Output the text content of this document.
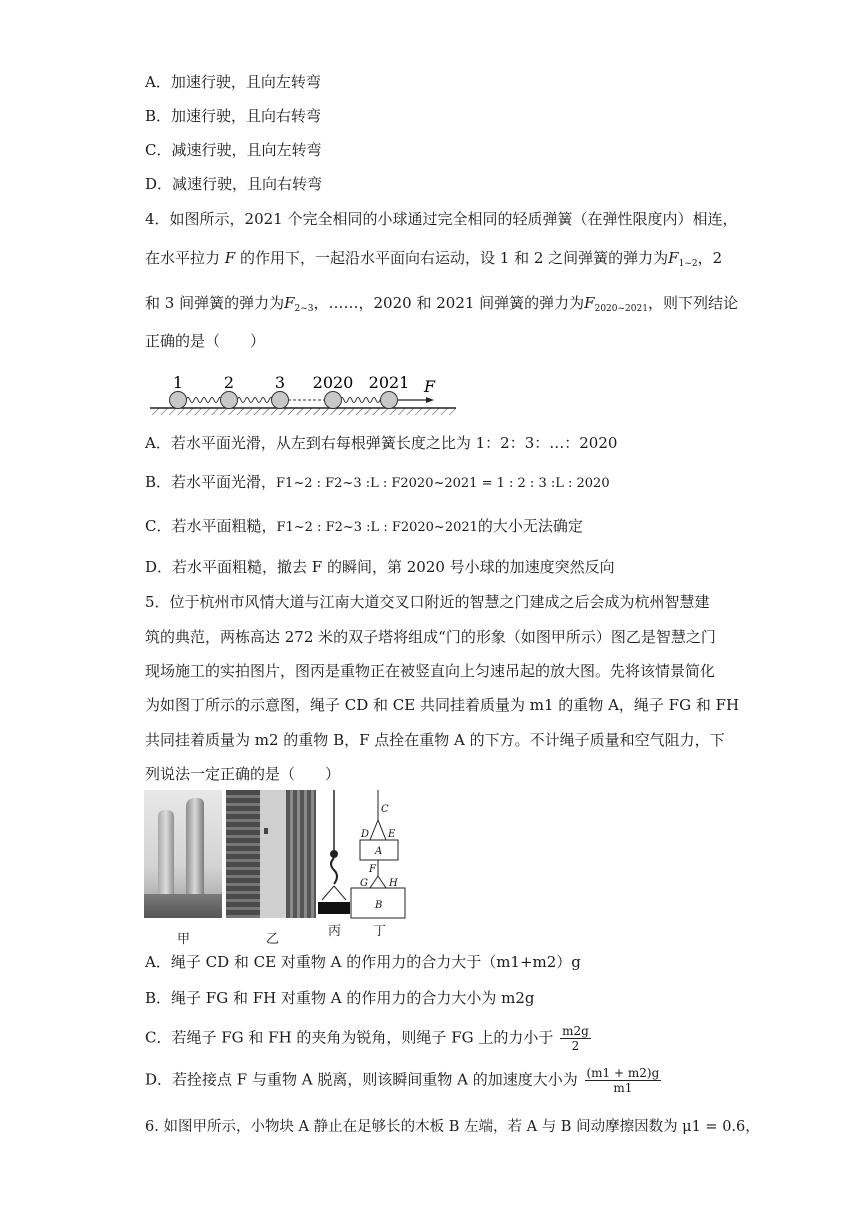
A．加速行驶，且向左转弯
B．加速行驶，且向右转弯
C．减速行驶，且向左转弯
D．减速行驶，且向右转弯
4．如图所示，2021 个完全相同的小球通过完全相同的轻质弹簧（在弹性限度内）相连，
在水平拉力 F 的作用下，一起沿水平面向右运动，设 1 和 2 之间弹簧的弹力为$F_{1\sim 2}$，2
和 3 间弹簧的弹力为$F_{2\sim 3}$，……，2020 和 2021 间弹簧的弹力为$F_{2020\sim 2021}$，则下列结论
正确的是（　　）
1	2	3 2020 2021 F
A．若水平面光滑，从左到右每根弹簧长度之比为 1：2：3：…：2020
B．若水平面光滑，F1~2 : F2~3 :L : F2020~2021 = 1 : 2 : 3 :L : 2020
C．若水平面粗糙，F1~2 : F2~3 :L : F2020~2021的大小无法确定
D．若水平面粗糙，撤去 F 的瞬间，第 2020 号小球的加速度突然反向
5．位于杭州市风情大道与江南大道交叉口附近的智慧之门建成之后会成为杭州智慧建
筑的典范，两栋高达 272 米的双子塔将组成“门的形象（如图甲所示）图乙是智慧之门
现场施工的实拍图片，图丙是重物正在被竖直向上匀速吊起的放大图。先将该情景简化
为如图丁所示的示意图，绳子 CD 和 CE 共同挂着质量为 m1 的重物 A，绳子 FG 和 FH
共同挂着质量为 m2 的重物 B，F 点拴在重物 A 的下方。不计绳子质量和空气阻力，下
列说法一定正确的是（　　）
C
D E
A
F
G H
B
甲	乙
丙 丁
A．绳子 CD 和 CE 对重物 A 的作用力的合力大于（m1+m2）g
B．绳子 FG 和 FH 对重物 A 的作用力的合力大小为 m2g
C．若绳子 FG 和 FH 的夹角为锐角，则绳子 FG 上的力小于 $\frac{m2g}{2}$
D．若拴接点 F 与重物 A 脱离，则该瞬间重物 A 的加速度大小为 $\frac{(m1 + m2)g}{m1}$
6. 如图甲所示，小物块 A 静止在足够长的木板 B 左端，若 A 与 B 间动摩擦因数为 μ1 = 0.6，
